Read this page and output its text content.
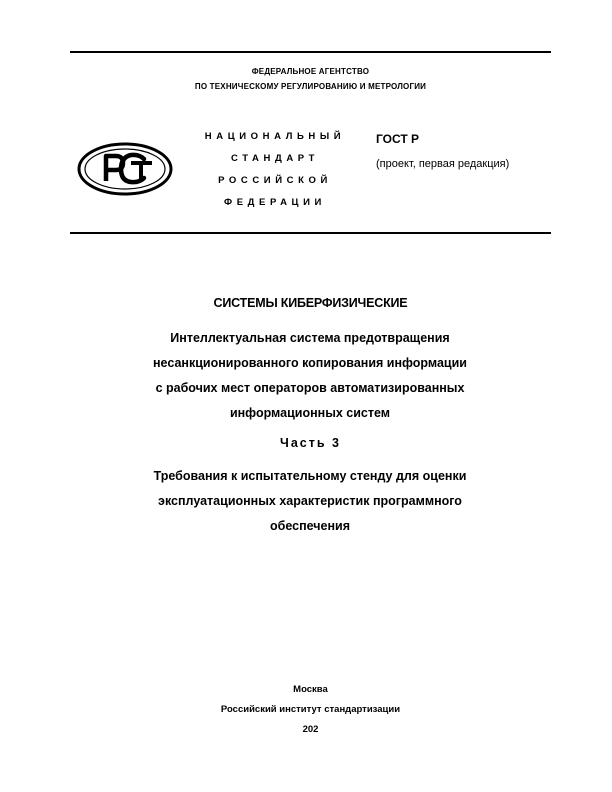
ФЕДЕРАЛЬНОЕ АГЕНТСТВО
ПО ТЕХНИЧЕСКОМУ РЕГУЛИРОВАНИЮ И МЕТРОЛОГИИ
НАЦИОНАЛЬНЫЙ
СТАНДАРТ
РОССИЙСКОЙ
ФЕДЕРАЦИИ
ГОСТ Р
(проект, первая редакция)
СИСТЕМЫ КИБЕРФИЗИЧЕСКИЕ
Интеллектуальная система предотвращения
несанкционированного копирования информации
с рабочих мест операторов автоматизированных
информационных систем
Часть 3
Требования к испытательному стенду для оценки
эксплуатационных характеристик программного
обеспечения
Москва
Российский институт стандартизации
202
